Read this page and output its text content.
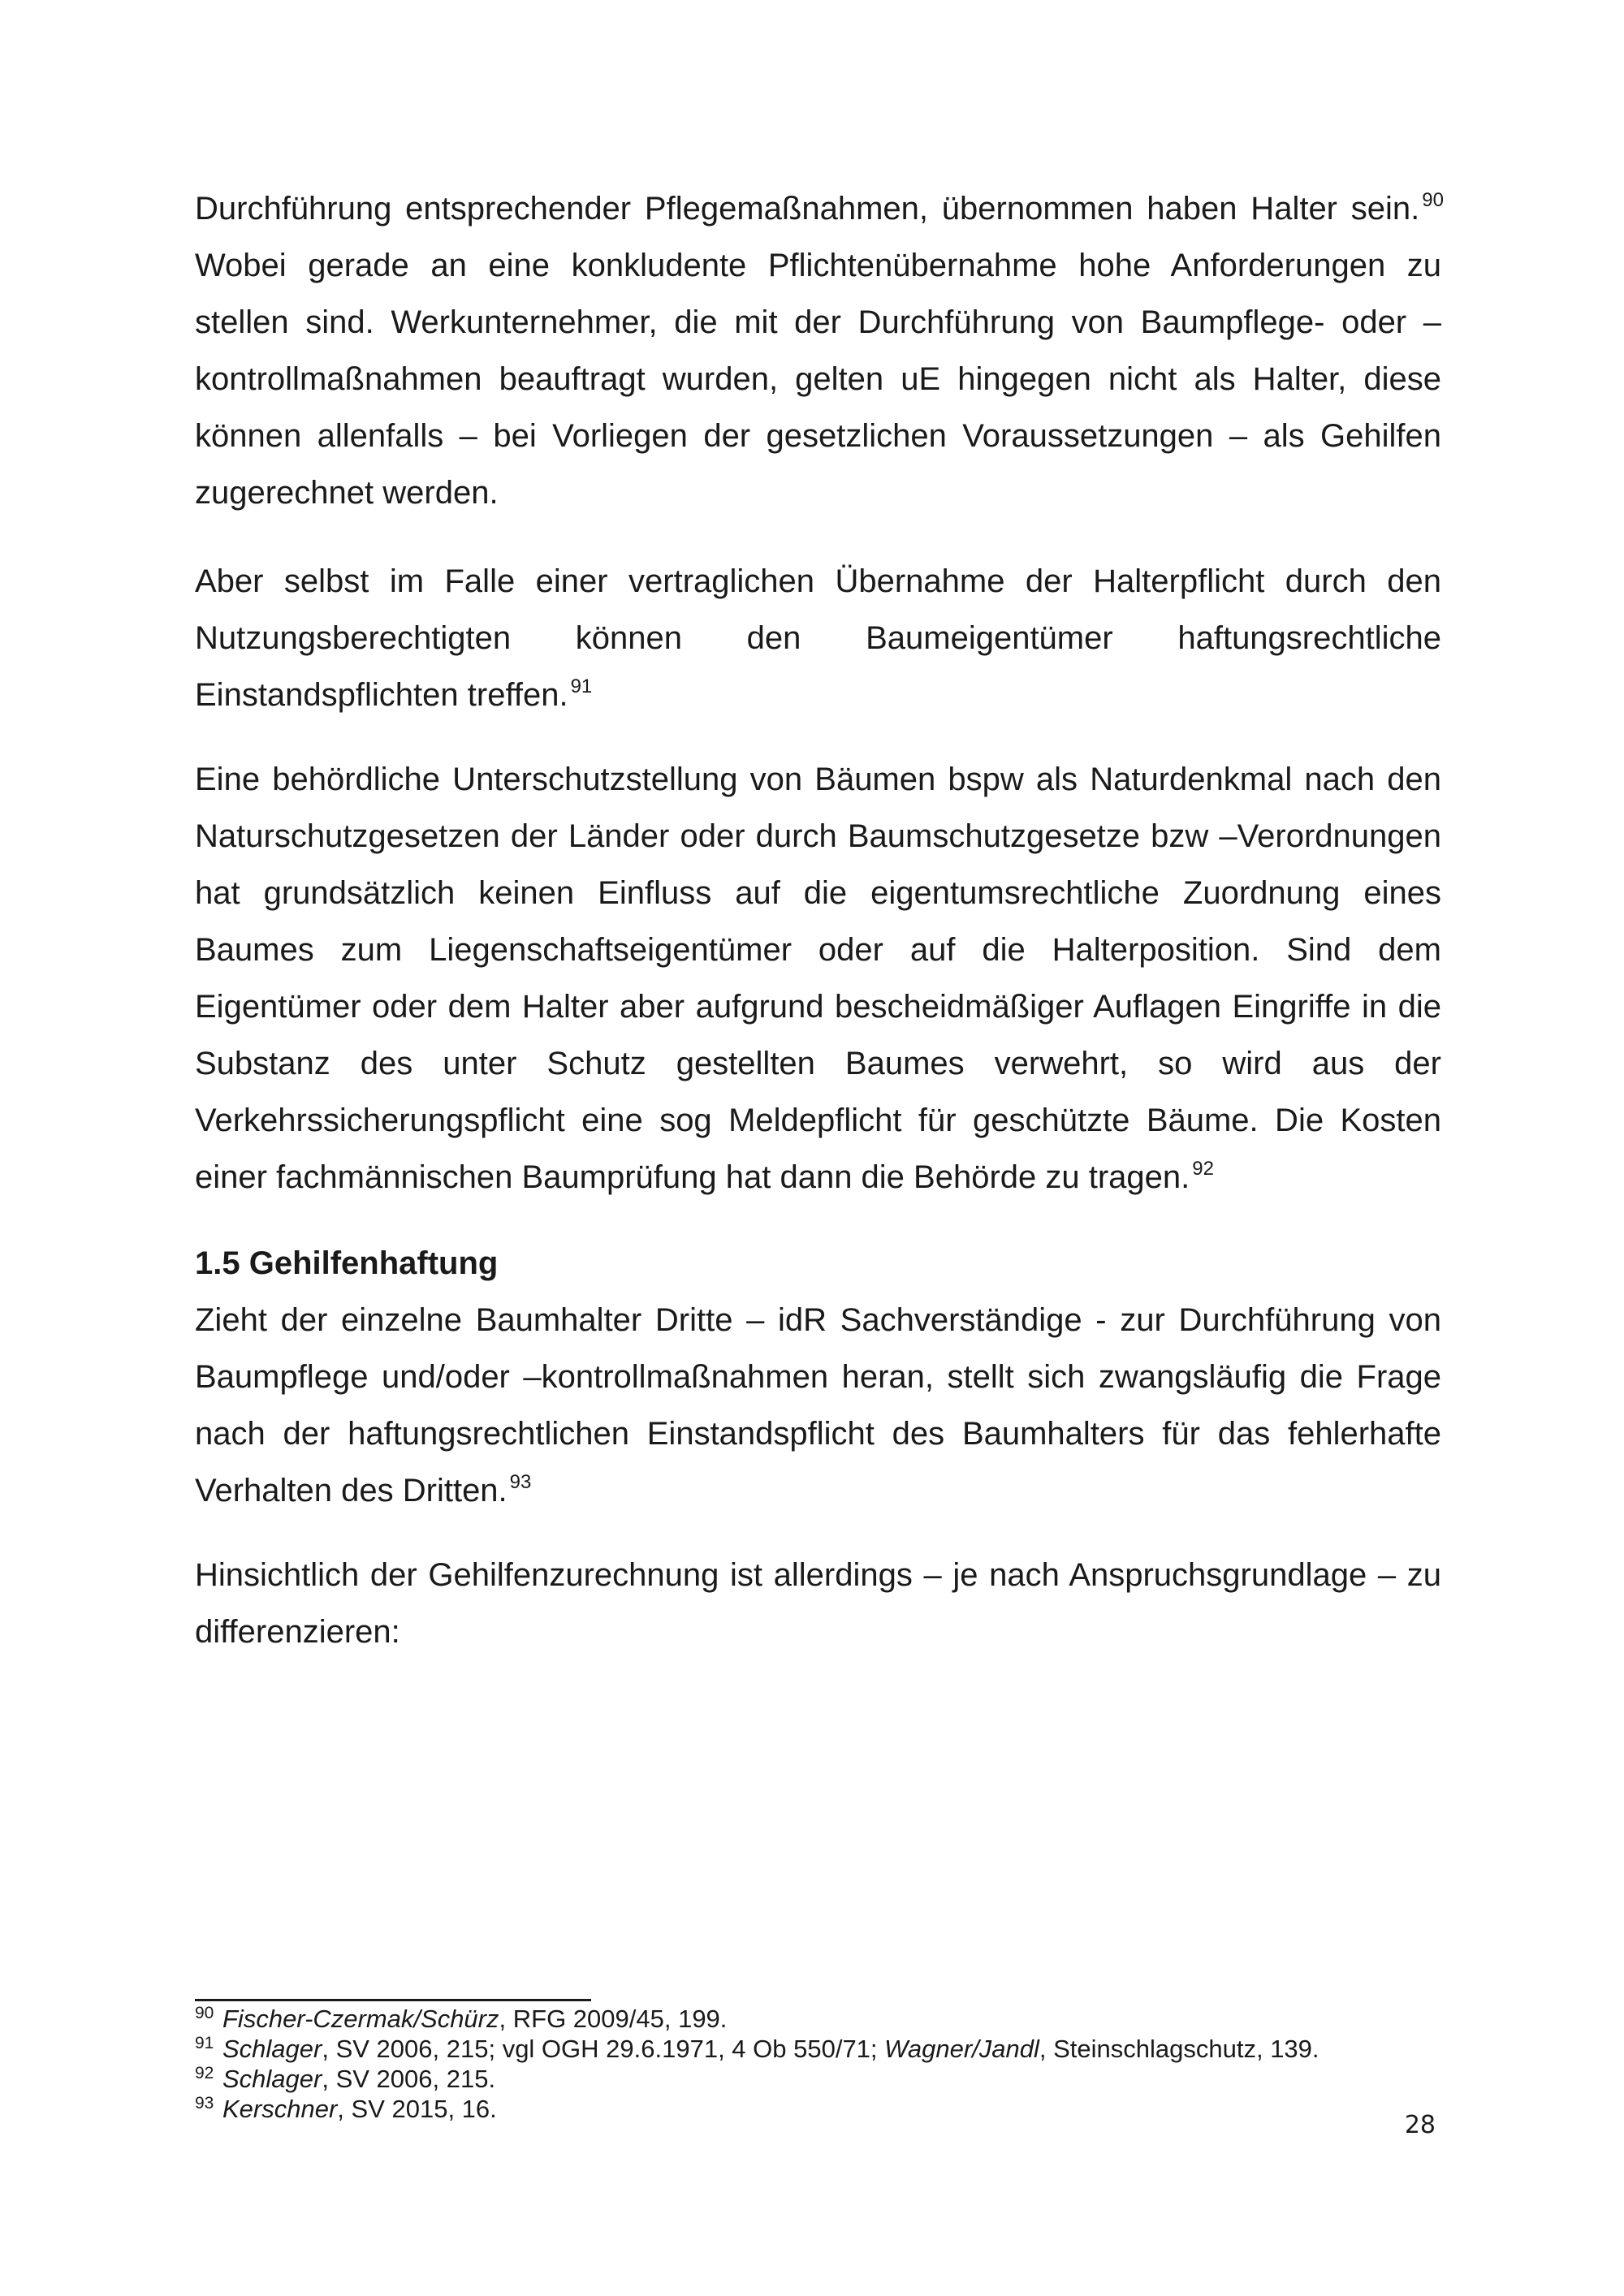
Durchführung entsprechender Pflegemaßnahmen, übernommen haben Halter sein. $^{90}$ Wobei gerade an eine konkludente Pflichtenübernahme hohe Anforderungen zu stellen sind. Werkunternehmer, die mit der Durchführung von Baumpflege- oder –kontrollmaßnahmen beauftragt wurden, gelten uE hingegen nicht als Halter, diese können allenfalls – bei Vorliegen der gesetzlichen Voraussetzungen – als Gehilfen zugerechnet werden.

Aber selbst im Falle einer vertraglichen Übernahme der Halterpflicht durch den Nutzungsberechtigten können den Baumeigentümer haftungsrechtliche Einstandspflichten treffen. $^{91}$

Eine behördliche Unterschutzstellung von Bäumen bspw als Naturdenkmal nach den Naturschutzgesetzen der Länder oder durch Baumschutzgesetze bzw –Verordnungen hat grundsätzlich keinen Einfluss auf die eigentumsrechtliche Zuordnung eines Baumes zum Liegenschaftseigentümer oder auf die Halterposition. Sind dem Eigentümer oder dem Halter aber aufgrund bescheidmäßiger Auflagen Eingriffe in die Substanz des unter Schutz gestellten Baumes verwehrt, so wird aus der Verkehrssicherungspflicht eine sog Meldepflicht für geschützte Bäume. Die Kosten einer fachmännischen Baumprüfung hat dann die Behörde zu tragen. $^{92}$

1.5 Gehilfenhaftung

Zieht der einzelne Baumhalter Dritte – idR Sachverständige - zur Durchführung von Baumpflege und/oder –kontrollmaßnahmen heran, stellt sich zwangsläufig die Frage nach der haftungsrechtlichen Einstandspflicht des Baumhalters für das fehlerhafte Verhalten des Dritten. $^{93}$

Hinsichtlich der Gehilfenzurechnung ist allerdings – je nach Anspruchsgrundlage – zu differenzieren:

90 Fischer-Czermak/Schürz, RFG 2009/45, 199.

91 Schlager, SV 2006, 215; vgl OGH 29.6.1971, 4 Ob 550/71; Wagner/Jandl, Steinschlagschutz, 139.

92 Schlager, SV 2006, 215.

93 Kerschner, SV 2015, 16.

28
